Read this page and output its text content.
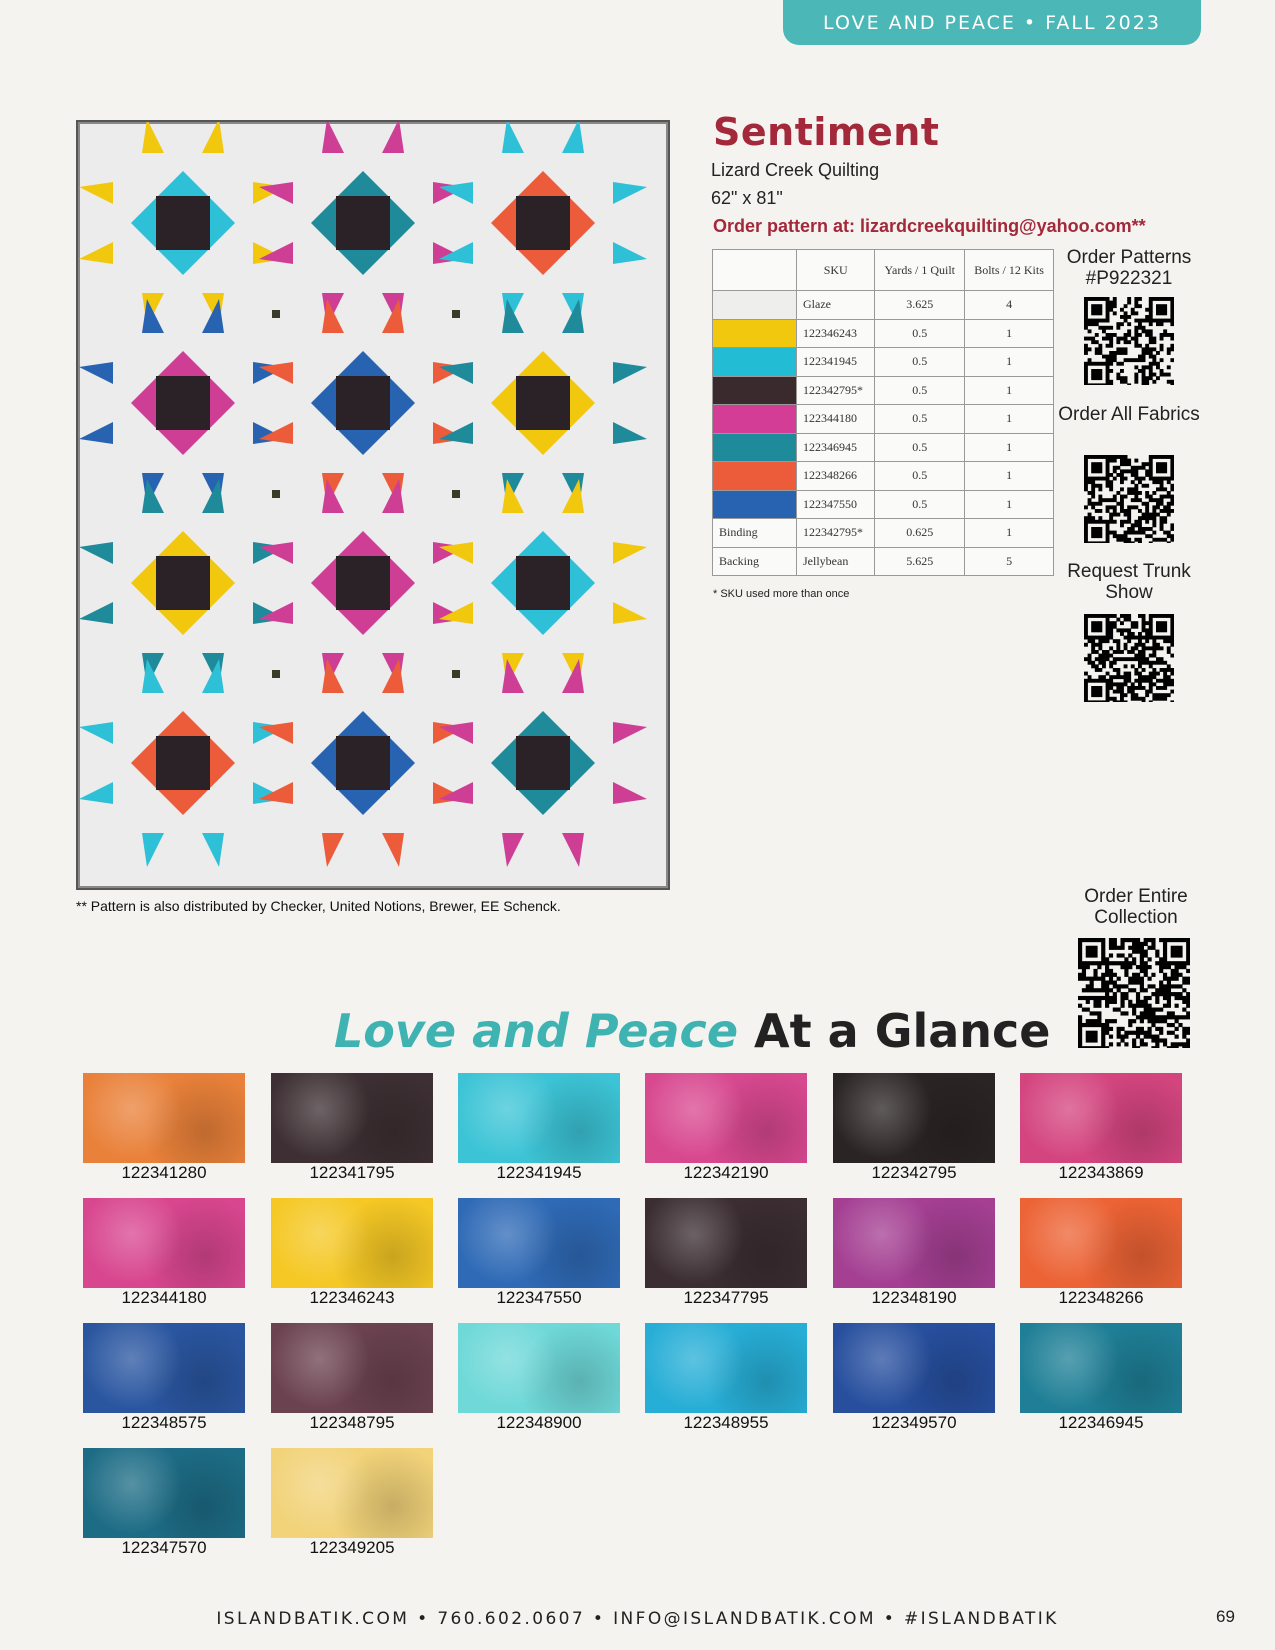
LOVE AND PEACE • FALL 2023
** Pattern is also distributed by Checker, United Notions, Brewer, EE Schenck.
Sentiment
Lizard Creek Quilting
62" x 81"
Order pattern at: lizardcreekquilting@yahoo.com**
	SKU	Yards / 1 Quilt	Bolts / 12 Kits
	Glaze	3.625	4
	122346243	0.5	1
	122341945	0.5	1
	122342795*	0.5	1
	122344180	0.5	1
	122346945	0.5	1
	122348266	0.5	1
	122347550	0.5	1
Binding	122342795*	0.625	1
Backing	Jellybean	5.625	5
* SKU used more than once
Order Patterns #P922321
Order All Fabrics
Request Trunk Show
Order Entire Collection
Love and Peace At a Glance
122341280	122341795	122341945	122342190	122342795	122343869
122344180	122346243	122347550	122347795	122348190	122348266
122348575	122348795	122348900	122348955	122349570	122346945
122347570	122349205
ISLANDBATIK.COM • 760.602.0607 • INFO@ISLANDBATIK.COM • #ISLANDBATIK	69
